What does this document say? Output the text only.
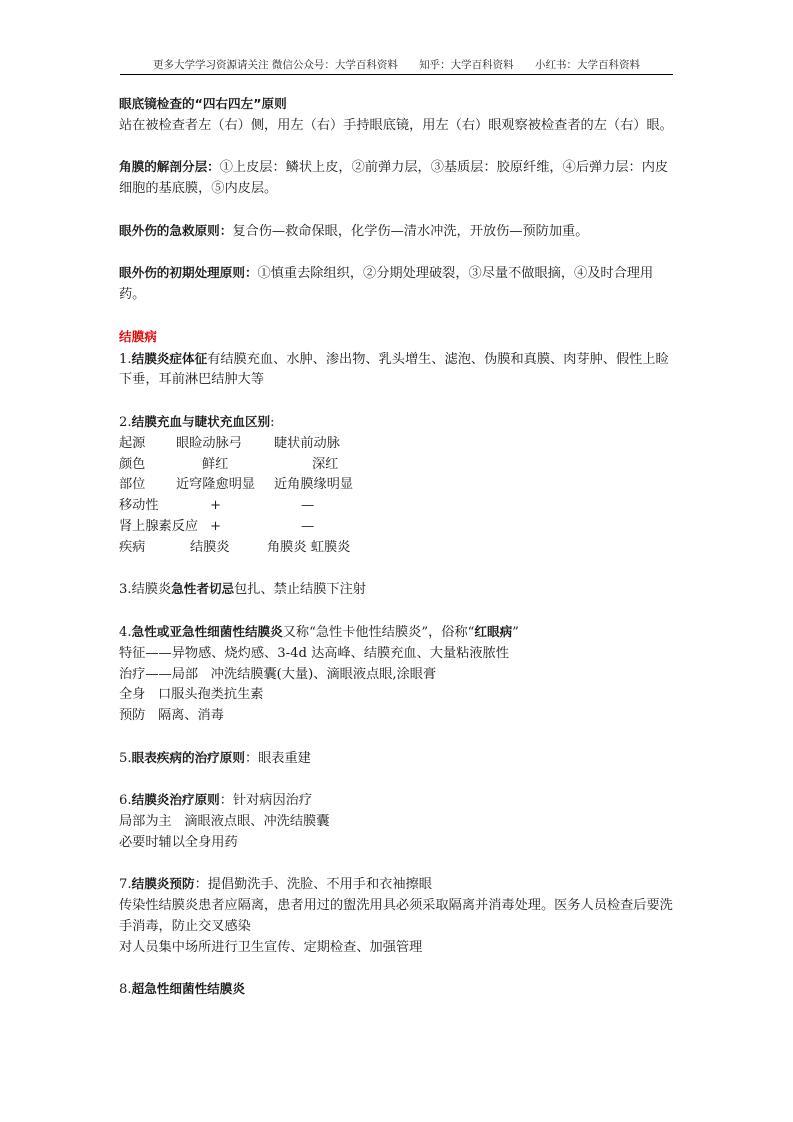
更多大学学习资源请关注 微信公众号：大学百科资料 知乎：大学百科资料 小红书：大学百科资料

眼底镜检查的“四右四左”原则

站在被检查者左（右）侧，用左（右）手持眼底镜，用左（右）眼观察被检查者的左（右）眼。

角膜的解剖分层：①上皮层：鳞状上皮，②前弹力层，③基质层：胶原纤维，④后弹力层：内皮细胞的基底膜，⑤内皮层。

眼外伤的急救原则：复合伤—救命保眼，化学伤—清水冲洗，开放伤—预防加重。

眼外伤的初期处理原则：①慎重去除组织，②分期处理破裂，③尽量不做眼摘，④及时合理用药。

结膜病

1.结膜炎症体征有结膜充血、水肿、渗出物、乳头增生、滤泡、伪膜和真膜、肉芽肿、假性上睑下垂，耳前淋巴结肿大等

2.结膜充血与睫状充血区别:

起源	眼睑动脉弓	睫状前动脉
颜色	鲜红	深红
部位	近穹隆愈明显	近角膜缘明显
移动性	+	—
肾上腺素反应 +	—
疾病	结膜炎	角膜炎 虹膜炎

3.结膜炎急性者切忌包扎、禁止结膜下注射

4.急性或亚急性细菌性结膜炎又称“急性卡他性结膜炎”，俗称“红眼病”

特征——异物感、烧灼感、3-4d 达高峰、结膜充血、大量粘液脓性

治疗——局部   冲洗结膜囊(大量)、滴眼液点眼,涂眼膏

全身   口服头孢类抗生素

预防   隔离、消毒

5.眼表疾病的治疗原则：眼表重建

6.结膜炎治疗原则：针对病因治疗

局部为主   滴眼液点眼、冲洗结膜囊

必要时辅以全身用药

7.结膜炎预防：提倡勤洗手、洗脸、不用手和衣袖擦眼

传染性结膜炎患者应隔离，患者用过的盥洗用具必须采取隔离并消毒处理。医务人员检查后要洗手消毒，防止交叉感染

对人员集中场所进行卫生宣传、定期检查、加强管理

8.超急性细菌性结膜炎
